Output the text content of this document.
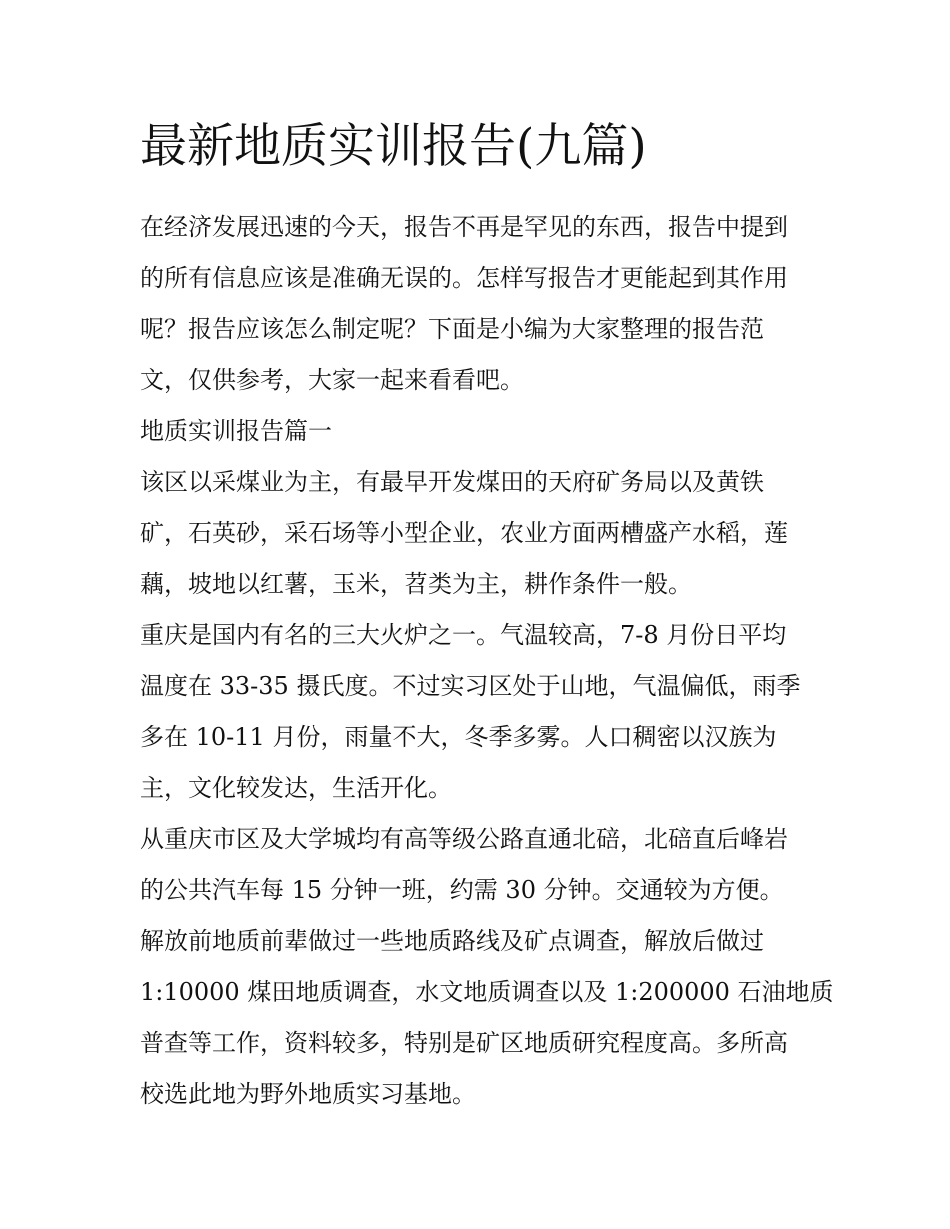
最新地质实训报告(九篇)

在经济发展迅速的今天，报告不再是罕见的东西，报告中提到

的所有信息应该是准确无误的。怎样写报告才更能起到其作用

呢？报告应该怎么制定呢？下面是小编为大家整理的报告范

文，仅供参考，大家一起来看看吧。

地质实训报告篇一

该区以采煤业为主，有最早开发煤田的天府矿务局以及黄铁

矿，石英砂，采石场等小型企业，农业方面两槽盛产水稻，莲

藕，坡地以红薯，玉米，苕类为主，耕作条件一般。

重庆是国内有名的三大火炉之一。气温较高，7-8 月份日平均

温度在 33-35 摄氏度。不过实习区处于山地，气温偏低，雨季

多在 10-11 月份，雨量不大，冬季多雾。人口稠密以汉族为

主，文化较发达，生活开化。

从重庆市区及大学城均有高等级公路直通北碚，北碚直后峰岩

的公共汽车每 15 分钟一班，约需 30 分钟。交通较为方便。

解放前地质前辈做过一些地质路线及矿点调查，解放后做过

1:10000 煤田地质调查，水文地质调查以及 1:200000 石油地质

普查等工作，资料较多，特别是矿区地质研究程度高。多所高

校选此地为野外地质实习基地。
